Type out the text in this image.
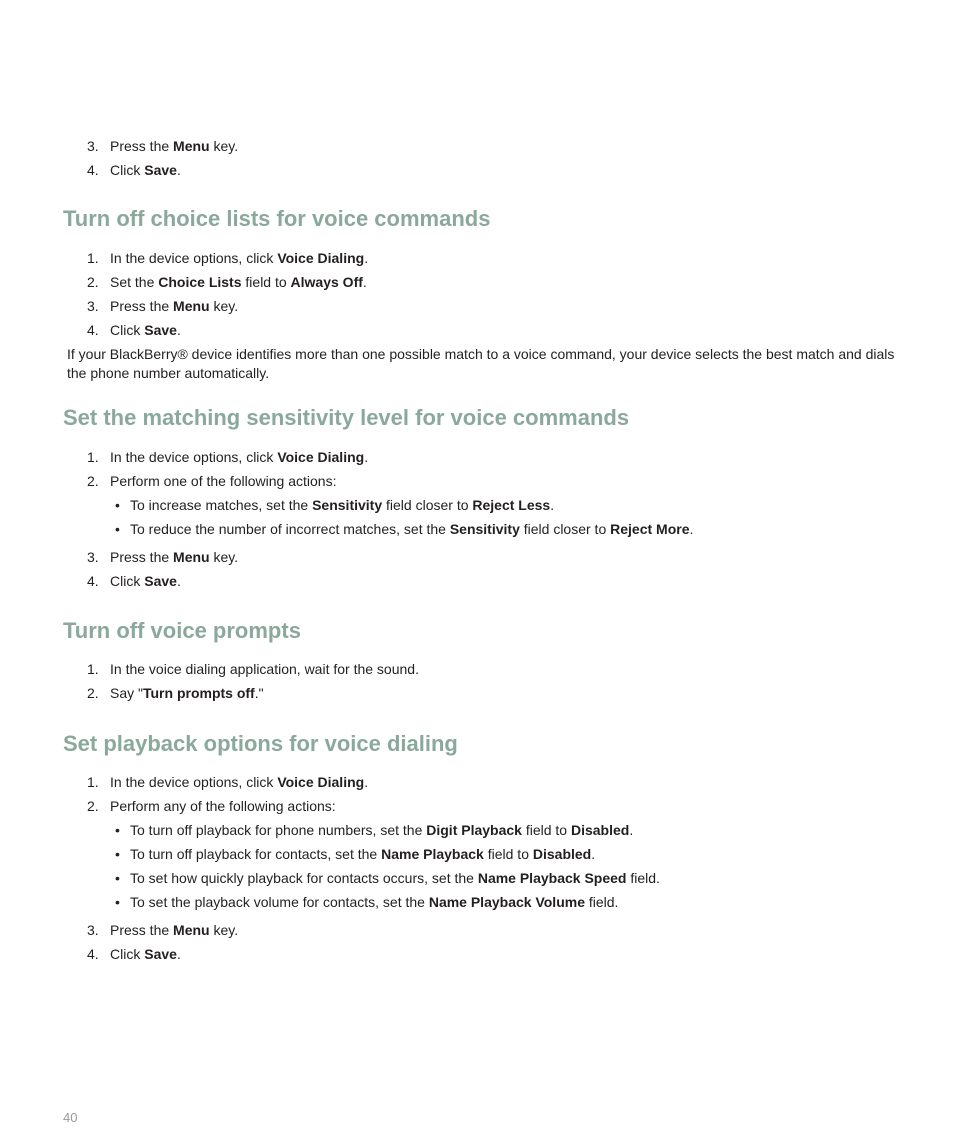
3. Press the Menu key.
4. Click Save.
Turn off choice lists for voice commands
1. In the device options, click Voice Dialing.
2. Set the Choice Lists field to Always Off.
3. Press the Menu key.
4. Click Save.

If your BlackBerry® device identifies more than one possible match to a voice command, your device selects the best match and dials the phone number automatically.

Set the matching sensitivity level for voice commands
1. In the device options, click Voice Dialing.
2. Perform one of the following actions:
• To increase matches, set the Sensitivity field closer to Reject Less.
• To reduce the number of incorrect matches, set the Sensitivity field closer to Reject More.
3. Press the Menu key.
4. Click Save.
Turn off voice prompts
1. In the voice dialing application, wait for the sound.
2. Say "Turn prompts off."
Set playback options for voice dialing
1. In the device options, click Voice Dialing.
2. Perform any of the following actions:
• To turn off playback for phone numbers, set the Digit Playback field to Disabled.
• To turn off playback for contacts, set the Name Playback field to Disabled.
• To set how quickly playback for contacts occurs, set the Name Playback Speed field.
• To set the playback volume for contacts, set the Name Playback Volume field.
3. Press the Menu key.
4. Click Save.
40
